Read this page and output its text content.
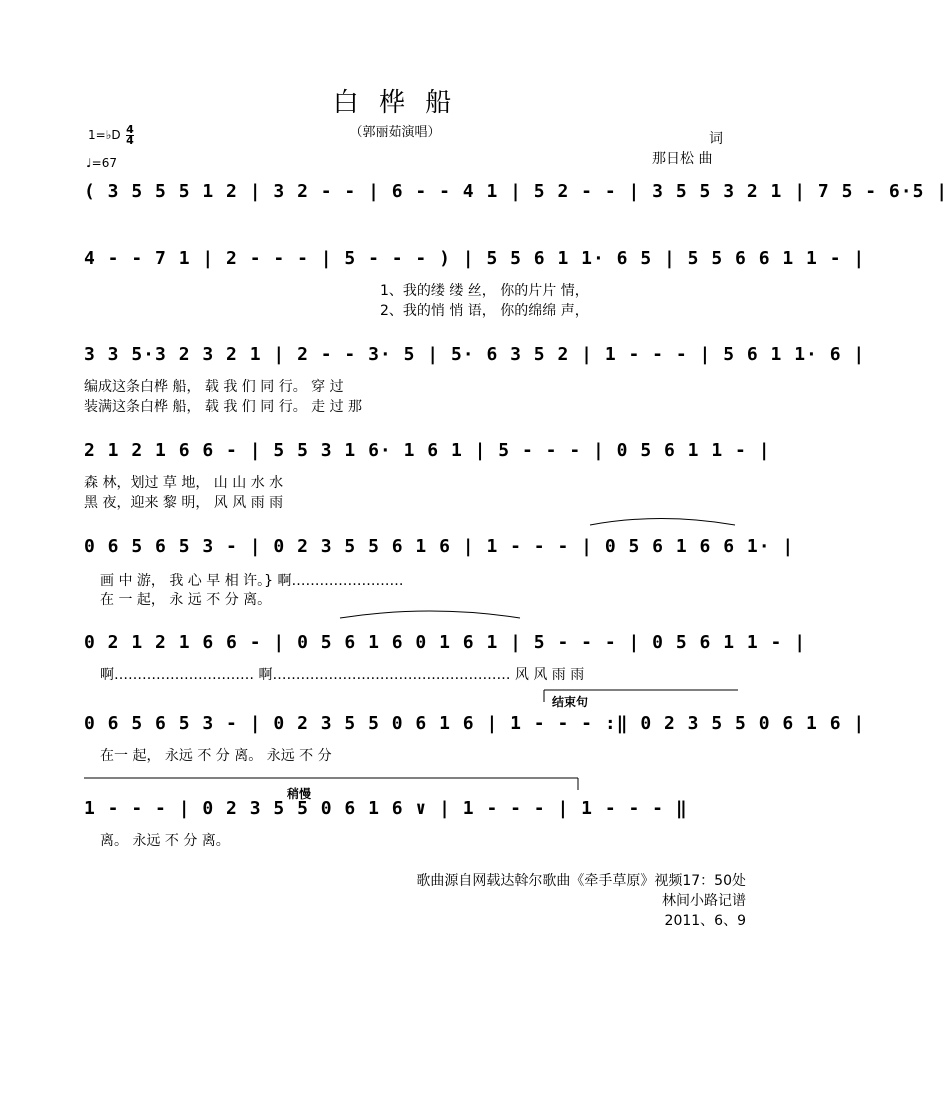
白 桦 船
（郭丽茹演唱）
1=♭D 4
4
♩=67
词
那日松 曲
( 3 5 5 5 1 2 | 3 2 - - | 6 - - 4 1 | 5 2 - - | 3 5 5 3 2 1 | 7 5 - 6·5 |
4 - - 7 1 | 2 - - - | 5 - - - ) | 5 5 6 1 1· 6 5 | 5 5 6 6 1 1 - |
1、我的缕 缕 丝， 你的片片 情，
2、我的悄 悄 语， 你的绵绵 声，
3 3 5·3 2 3 2 1 | 2 - - 3· 5 | 5· 6 3 5 2 | 1 - - - | 5 6 1 1· 6 |
编成这条白桦 船， 载 我 们 同 行。 穿 过
装满这条白桦 船， 载 我 们 同 行。 走 过 那
2 1 2 1 6 6 - | 5 5 3 1 6· 1 6 1 | 5 - - - | 0 5 6 1 1 - |
森 林，划过 草 地， 山 山 水 水
黑 夜，迎来 黎 明， 风 风 雨 雨
0 6 5 6 5 3 - | 0 2 3 5 5 6 1 6 | 1 - - - | 0 5 6 1 6 6 1· |
画 中 游， 我 心 早 相 许。} 啊……………………
在 一 起， 永 远 不 分 离。
0 2 1 2 1 6 6 - | 0 5 6 1 6 0 1 6 1 | 5 - - - | 0 5 6 1 1 - |
啊………………………… 啊…………………………………………… 风 风 雨 雨
结束句
0 6 5 6 5 3 - | 0 2 3 5 5 0 6 1 6 | 1 - - - :‖ 0 2 3 5 5 0 6 1 6 |
在一 起， 永远 不 分 离。 永远 不 分
稍慢
1 - - - | 0 2 3 5 5 0 6 1 6 ∨ | 1 - - - | 1 - - - ‖
离。 永远 不 分 离。
歌曲源自网载达斡尔歌曲《牵手草原》视频17：50处
林间小路记谱
2011、6、9
